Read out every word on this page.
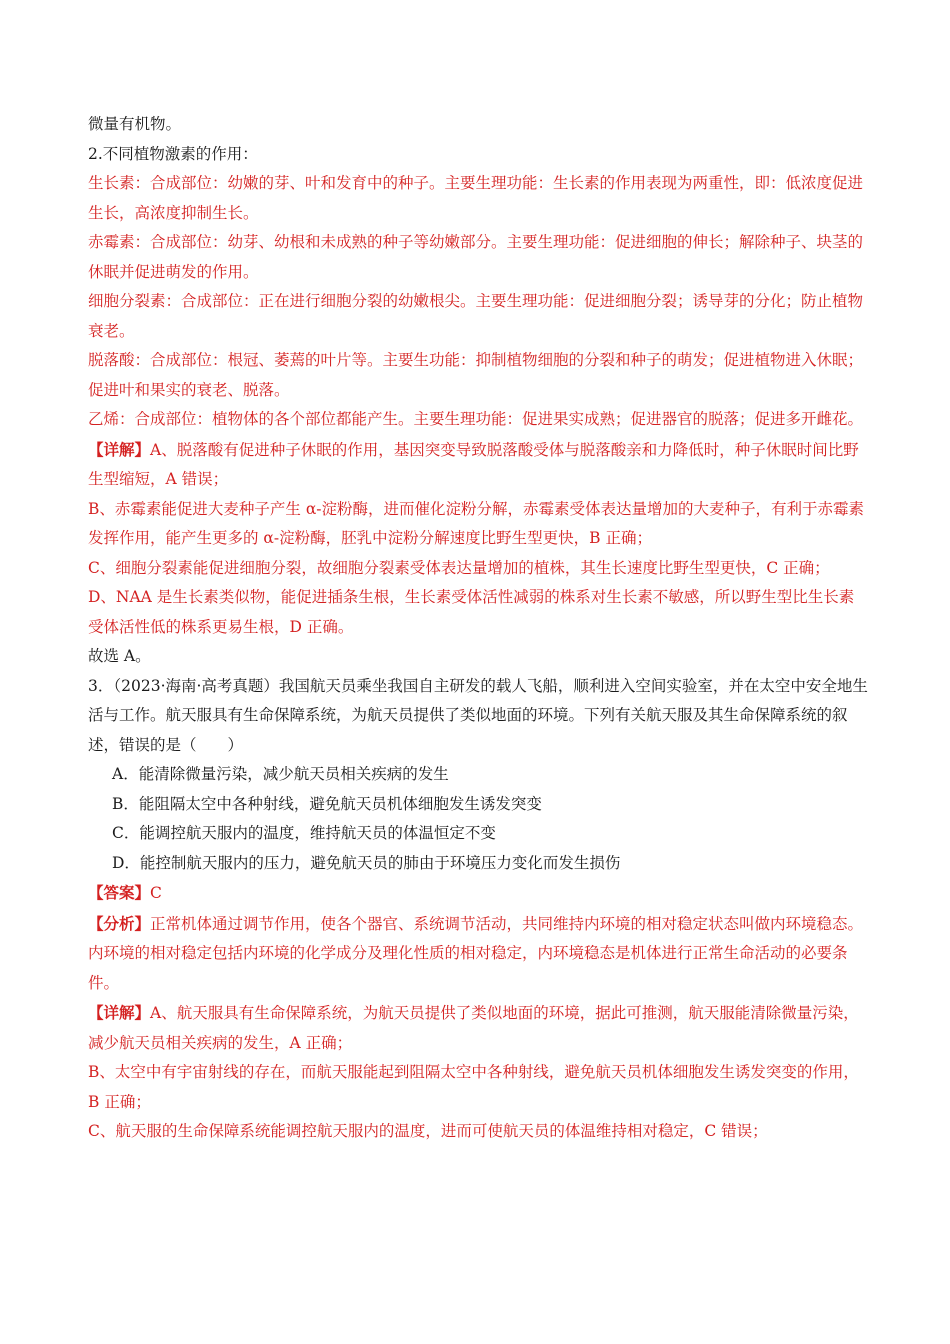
微量有机物。

2.不同植物激素的作用：

生长素：合成部位：幼嫩的芽、叶和发育中的种子。主要生理功能：生长素的作用表现为两重性，即：低浓度促进生长，高浓度抑制生长。

赤霉素：合成部位：幼芽、幼根和未成熟的种子等幼嫩部分。主要生理功能：促进细胞的伸长；解除种子、块茎的休眠并促进萌发的作用。

细胞分裂素：合成部位：正在进行细胞分裂的幼嫩根尖。主要生理功能：促进细胞分裂；诱导芽的分化；防止植物衰老。

脱落酸：合成部位：根冠、萎蔫的叶片等。主要生功能：抑制植物细胞的分裂和种子的萌发；促进植物进入休眠；促进叶和果实的衰老、脱落。

乙烯：合成部位：植物体的各个部位都能产生。主要生理功能：促进果实成熟；促进器官的脱落；促进多开雌花。

【详解】A、脱落酸有促进种子休眠的作用，基因突变导致脱落酸受体与脱落酸亲和力降低时，种子休眠时间比野生型缩短，A 错误；

B、赤霉素能促进大麦种子产生 α-淀粉酶，进而催化淀粉分解，赤霉素受体表达量增加的大麦种子，有利于赤霉素发挥作用，能产生更多的 α-淀粉酶，胚乳中淀粉分解速度比野生型更快，B 正确；

C、细胞分裂素能促进细胞分裂，故细胞分裂素受体表达量增加的植株，其生长速度比野生型更快，C 正确；

D、NAA 是生长素类似物，能促进插条生根，生长素受体活性减弱的株系对生长素不敏感，所以野生型比生长素受体活性低的株系更易生根，D 正确。

故选 A。

3．（2023·海南·高考真题）我国航天员乘坐我国自主研发的载人飞船，顺利进入空间实验室，并在太空中安全地生活与工作。航天服具有生命保障系统，为航天员提供了类似地面的环境。下列有关航天服及其生命保障系统的叙述，错误的是（　　）

A．能清除微量污染，减少航天员相关疾病的发生

B．能阻隔太空中各种射线，避免航天员机体细胞发生诱发突变

C．能调控航天服内的温度，维持航天员的体温恒定不变

D．能控制航天服内的压力，避免航天员的肺由于环境压力变化而发生损伤

【答案】C

【分析】正常机体通过调节作用，使各个器官、系统调节活动，共同维持内环境的相对稳定状态叫做内环境稳态。内环境的相对稳定包括内环境的化学成分及理化性质的相对稳定，内环境稳态是机体进行正常生命活动的必要条件。

【详解】A、航天服具有生命保障系统，为航天员提供了类似地面的环境，据此可推测，航天服能清除微量污染，减少航天员相关疾病的发生，A 正确；

B、太空中有宇宙射线的存在，而航天服能起到阻隔太空中各种射线，避免航天员机体细胞发生诱发突变的作用，B 正确；

C、航天服的生命保障系统能调控航天服内的温度，进而可使航天员的体温维持相对稳定，C 错误；
